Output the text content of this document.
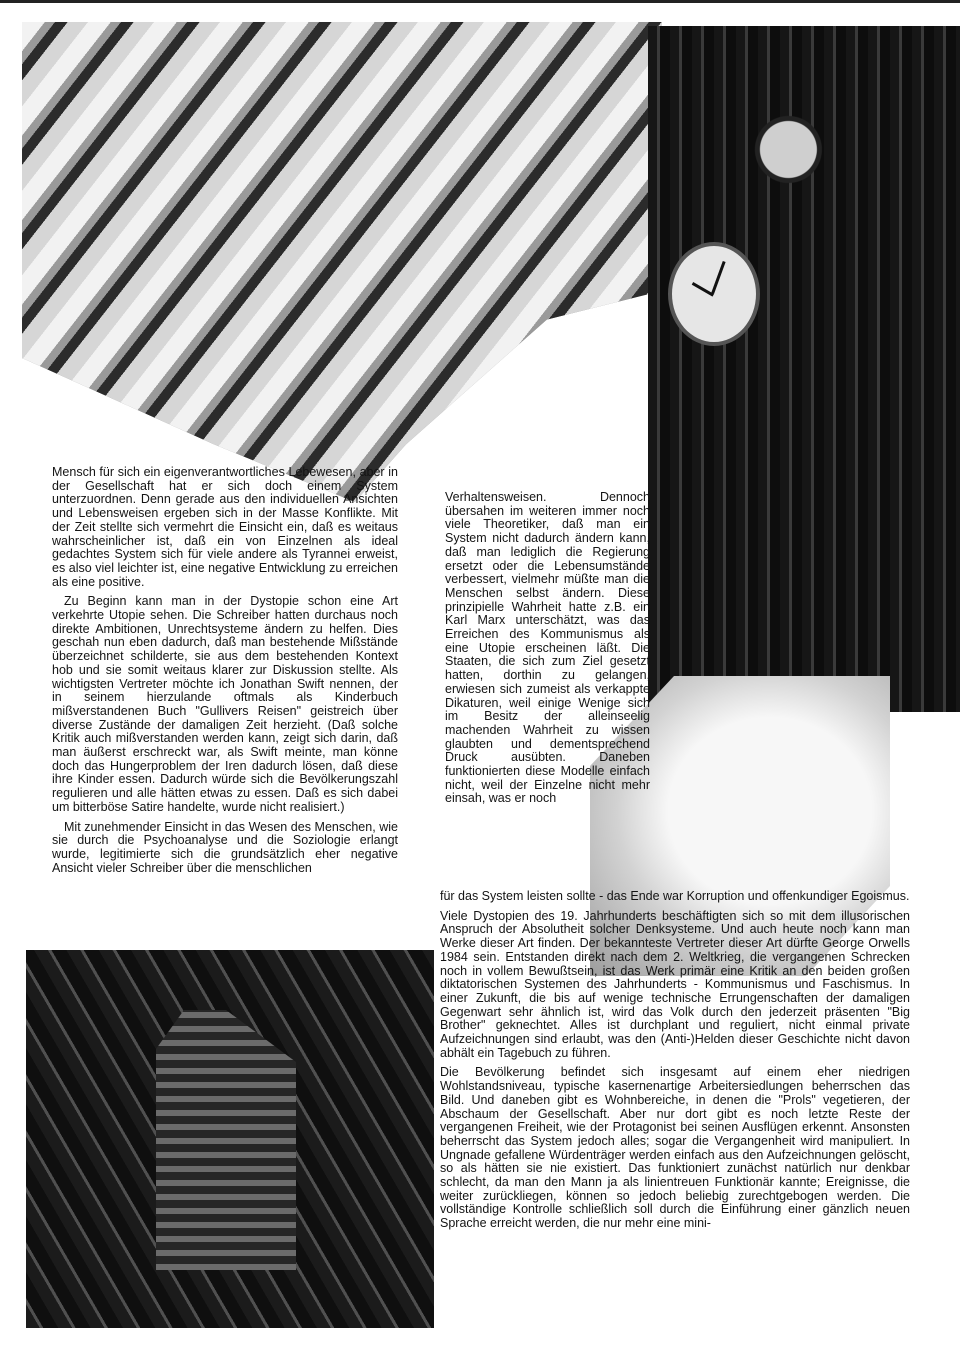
Mensch für sich ein eigenverantwortliches Lebewesen, aber in der Gesellschaft hat er sich doch einem System unterzuordnen. Denn gerade aus den individuellen Ansichten und Lebensweisen ergeben sich in der Masse Konflikte. Mit der Zeit stellte sich vermehrt die Einsicht ein, daß es weitaus wahrscheinlicher ist, daß ein von Einzelnen als ideal gedachtes System sich für viele andere als Tyrannei erweist, es also viel leichter ist, eine negative Entwicklung zu erreichen als eine positive.

Zu Beginn kann man in der Dystopie schon eine Art verkehrte Utopie sehen. Die Schreiber hatten durchaus noch direkte Ambitionen, Unrechtsysteme ändern zu helfen. Dies geschah nun eben dadurch, daß man bestehende Mißstände überzeichnet schilderte, sie aus dem bestehenden Kontext hob und sie somit weitaus klarer zur Diskussion stellte. Als wichtigsten Vertreter möchte ich Jonathan Swift nennen, der in seinem hierzulande oftmals als Kinderbuch mißverstandenen Buch "Gullivers Reisen" geistreich über diverse Zustände der damaligen Zeit herzieht. (Daß solche Kritik auch mißverstanden werden kann, zeigt sich darin, daß man äußerst erschreckt war, als Swift meinte, man könne doch das Hungerproblem der Iren dadurch lösen, daß diese ihre Kinder essen. Dadurch würde sich die Bevölkerungszahl regulieren und alle hätten etwas zu essen. Daß es sich dabei um bitterböse Satire handelte, wurde nicht realisiert.)

Mit zunehmender Einsicht in das Wesen des Menschen, wie sie durch die Psychoanalyse und die Soziologie erlangt wurde, legitimierte sich die grundsätzlich eher negative Ansicht vieler Schreiber über die menschlichen

Verhaltensweisen. Dennoch übersahen im weiteren immer noch viele Theoretiker, daß man ein System nicht dadurch ändern kann, daß man lediglich die Regierung ersetzt oder die Lebensumstände verbessert, vielmehr müßte man die Menschen selbst ändern. Diese prinzipielle Wahrheit hatte z.B. ein Karl Marx unterschätzt, was das Erreichen des Kommunismus als eine Utopie erscheinen läßt. Die Staaten, die sich zum Ziel gesetzt hatten, dorthin zu gelangen, erwiesen sich zumeist als verkappte Dikaturen, weil einige Wenige sich im Besitz der alleinseelig machenden Wahrheit zu wissen glaubten und dementsprechend Druck ausübten. Daneben funktionierten diese Modelle einfach nicht, weil der Einzelne nicht mehr einsah, was er noch

für das System leisten sollte - das Ende war Korruption und offenkundiger Egoismus.

Viele Dystopien des 19. Jahrhunderts beschäftigten sich so mit dem illusorischen Anspruch der Absolutheit solcher Denksysteme. Und auch heute noch kann man Werke dieser Art finden. Der bekannteste Vertreter dieser Art dürfte George Orwells 1984 sein. Entstanden direkt nach dem 2. Weltkrieg, die vergangenen Schrecken noch in vollem Bewußtsein, ist das Werk primär eine Kritik an den beiden großen diktatorischen Systemen des Jahrhunderts - Kommunismus und Faschismus. In einer Zukunft, die bis auf wenige technische Errungenschaften der damaligen Gegenwart sehr ähnlich ist, wird das Volk durch den jederzeit präsenten "Big Brother" geknechtet. Alles ist durchplant und reguliert, nicht einmal private Aufzeichnungen sind erlaubt, was den (Anti-)Helden dieser Geschichte nicht davon abhält ein Tagebuch zu führen.

Die Bevölkerung befindet sich insgesamt auf einem eher niedrigen Wohlstandsniveau, typische kasernenartige Arbeitersiedlungen beherrschen das Bild. Und daneben gibt es Wohnbereiche, in denen die "Prols" vegetieren, der Abschaum der Gesellschaft. Aber nur dort gibt es noch letzte Reste der vergangenen Freiheit, wie der Protagonist bei seinen Ausflügen erkennt. Ansonsten beherrscht das System jedoch alles; sogar die Vergangenheit wird manipuliert. In Ungnade gefallene Würdenträger werden einfach aus den Aufzeichnungen gelöscht, so als hätten sie nie existiert. Das funktioniert zunächst natürlich nur denkbar schlecht, da man den Mann ja als linientreuen Funktionär kannte; Ereignisse, die weiter zurückliegen, können so jedoch beliebig zurechtgebogen werden. Die vollständige Kontrolle schließlich soll durch die Einführung einer gänzlich neuen Sprache erreicht werden, die nur mehr eine mini-
